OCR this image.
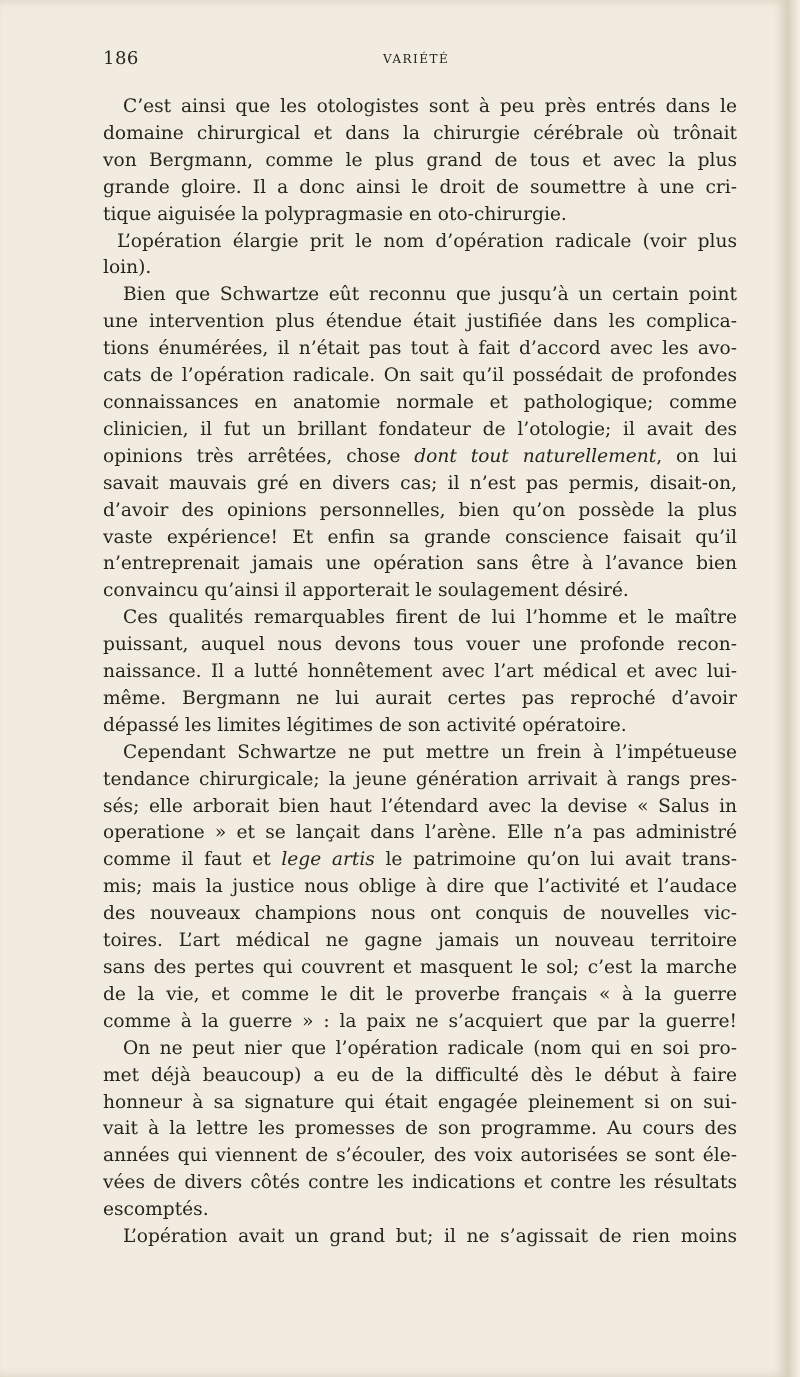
186	VARIÉTÉ
C’est ainsi que les otologistes sont à peu près entrés dans le
domaine chirurgical et dans la chirurgie cérébrale où trônait
von Bergmann, comme le plus grand de tous et avec la plus
grande gloire. Il a donc ainsi le droit de soumettre à une cri-
tique aiguisée la polypragmasie en oto-chirurgie.
L’opération élargie prit le nom d’opération radicale (voir plus
loin).
Bien que Schwartze eût reconnu que jusqu’à un certain point
une intervention plus étendue était justifiée dans les complica-
tions énumérées, il n’était pas tout à fait d’accord avec les avo-
cats de l’opération radicale. On sait qu’il possédait de profondes
connaissances en anatomie normale et pathologique; comme
clinicien, il fut un brillant fondateur de l’otologie; il avait des
opinions très arrêtées, chose dont tout naturellement, on lui
savait mauvais gré en divers cas; il n’est pas permis, disait-on,
d’avoir des opinions personnelles, bien qu’on possède la plus
vaste expérience! Et enfin sa grande conscience faisait qu’il
n’entreprenait jamais une opération sans être à l’avance bien
convaincu qu’ainsi il apporterait le soulagement désiré.
Ces qualités remarquables firent de lui l’homme et le maître
puissant, auquel nous devons tous vouer une profonde recon-
naissance. Il a lutté honnêtement avec l’art médical et avec lui-
même. Bergmann ne lui aurait certes pas reproché d’avoir
dépassé les limites légitimes de son activité opératoire.
Cependant Schwartze ne put mettre un frein à l’impétueuse
tendance chirurgicale; la jeune génération arrivait à rangs pres-
sés; elle arborait bien haut l’étendard avec la devise « Salus in
operatione » et se lançait dans l’arène. Elle n’a pas administré
comme il faut et lege artis le patrimoine qu’on lui avait trans-
mis; mais la justice nous oblige à dire que l’activité et l’audace
des nouveaux champions nous ont conquis de nouvelles vic-
toires. L’art médical ne gagne jamais un nouveau territoire
sans des pertes qui couvrent et masquent le sol; c’est la marche
de la vie, et comme le dit le proverbe français « à la guerre
comme à la guerre » : la paix ne s’acquiert que par la guerre!
On ne peut nier que l’opération radicale (nom qui en soi pro-
met déjà beaucoup) a eu de la difficulté dès le début à faire
honneur à sa signature qui était engagée pleinement si on sui-
vait à la lettre les promesses de son programme. Au cours des
années qui viennent de s’écouler, des voix autorisées se sont éle-
vées de divers côtés contre les indications et contre les résultats
escomptés.
L’opération avait un grand but; il ne s’agissait de rien moins
